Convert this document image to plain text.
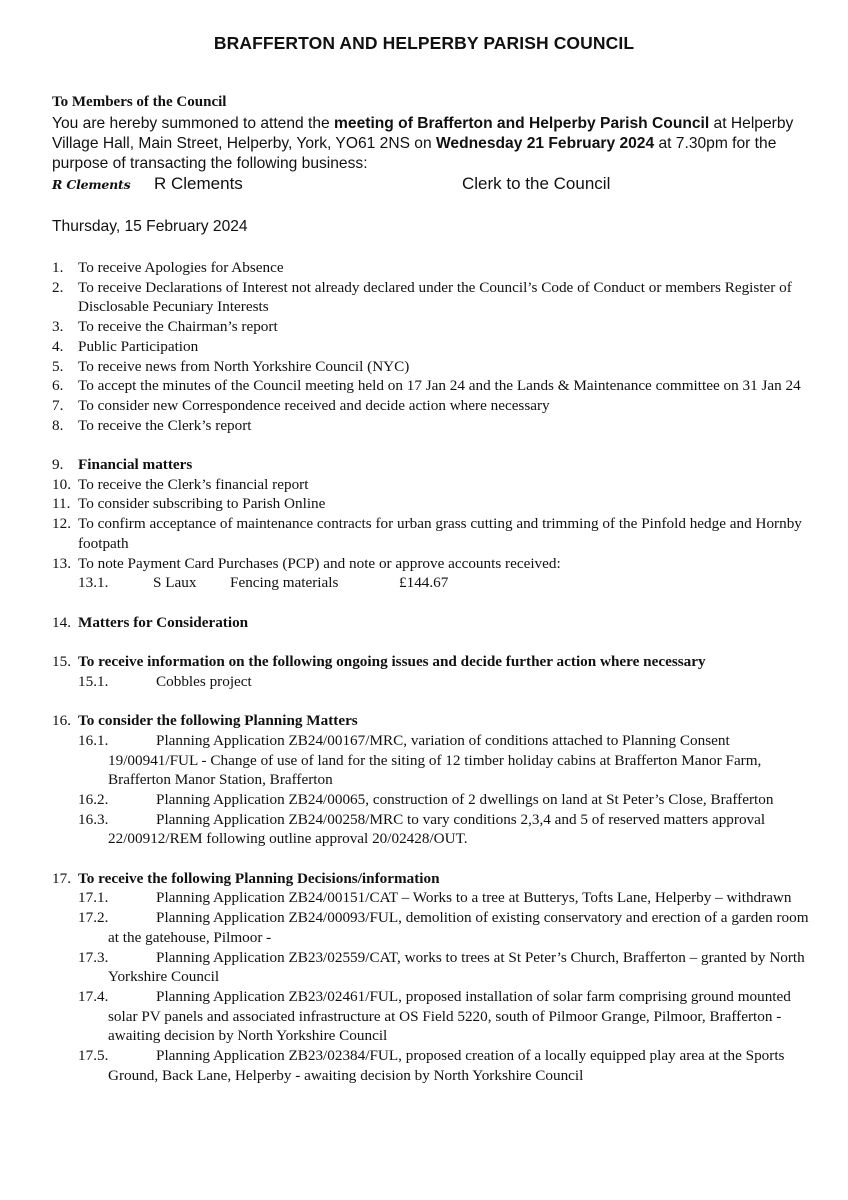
BRAFFERTON AND HELPERBY PARISH COUNCIL
To Members of the Council
You are hereby summoned to attend the meeting of Brafferton and Helperby Parish Council at Helperby Village Hall, Main Street, Helperby, York, YO61 2NS on Wednesday 21 February 2024 at 7.30pm for the purpose of transacting the following business:
R Clements R Clements	Clerk to the Council
Thursday, 15 February 2024
1. To receive Apologies for Absence
2. To receive Declarations of Interest not already declared under the Council’s Code of Conduct or members Register of Disclosable Pecuniary Interests
3. To receive the Chairman’s report
4. Public Participation
5. To receive news from North Yorkshire Council (NYC)
6. To accept the minutes of the Council meeting held on 17 Jan 24 and the Lands & Maintenance committee on 31 Jan 24
7. To consider new Correspondence received and decide action where necessary
8. To receive the Clerk’s report
9. Financial matters
10. To receive the Clerk’s financial report
11. To consider subscribing to Parish Online
12. To confirm acceptance of maintenance contracts for urban grass cutting and trimming of the Pinfold hedge and Hornby footpath
13. To note Payment Card Purchases (PCP) and note or approve accounts received:
13.1.	S Laux Fencing materials	£144.67
14. Matters for Consideration
15. To receive information on the following ongoing issues and decide further action where necessary
15.1.	Cobbles project
16. To consider the following Planning Matters
16.1.	Planning Application ZB24/00167/MRC, variation of conditions attached to Planning Consent 19/00941/FUL - Change of use of land for the siting of 12 timber holiday cabins at Brafferton Manor Farm, Brafferton Manor Station, Brafferton
16.2.	Planning Application ZB24/00065, construction of 2 dwellings on land at St Peter’s Close, Brafferton
16.3.	Planning Application ZB24/00258/MRC to vary conditions 2,3,4 and 5 of reserved matters approval 22/00912/REM following outline approval 20/02428/OUT.
17. To receive the following Planning Decisions/information
17.1.	Planning Application ZB24/00151/CAT – Works to a tree at Butterys, Tofts Lane, Helperby – withdrawn
17.2.	Planning Application ZB24/00093/FUL, demolition of existing conservatory and erection of a garden room at the gatehouse, Pilmoor -
17.3.	Planning Application ZB23/02559/CAT, works to trees at St Peter’s Church, Brafferton – granted by North Yorkshire Council
17.4.	Planning Application ZB23/02461/FUL, proposed installation of solar farm comprising ground mounted solar PV panels and associated infrastructure at OS Field 5220, south of Pilmoor Grange, Pilmoor, Brafferton - awaiting decision by North Yorkshire Council
17.5.	Planning Application ZB23/02384/FUL, proposed creation of a locally equipped play area at the Sports Ground, Back Lane, Helperby - awaiting decision by North Yorkshire Council
